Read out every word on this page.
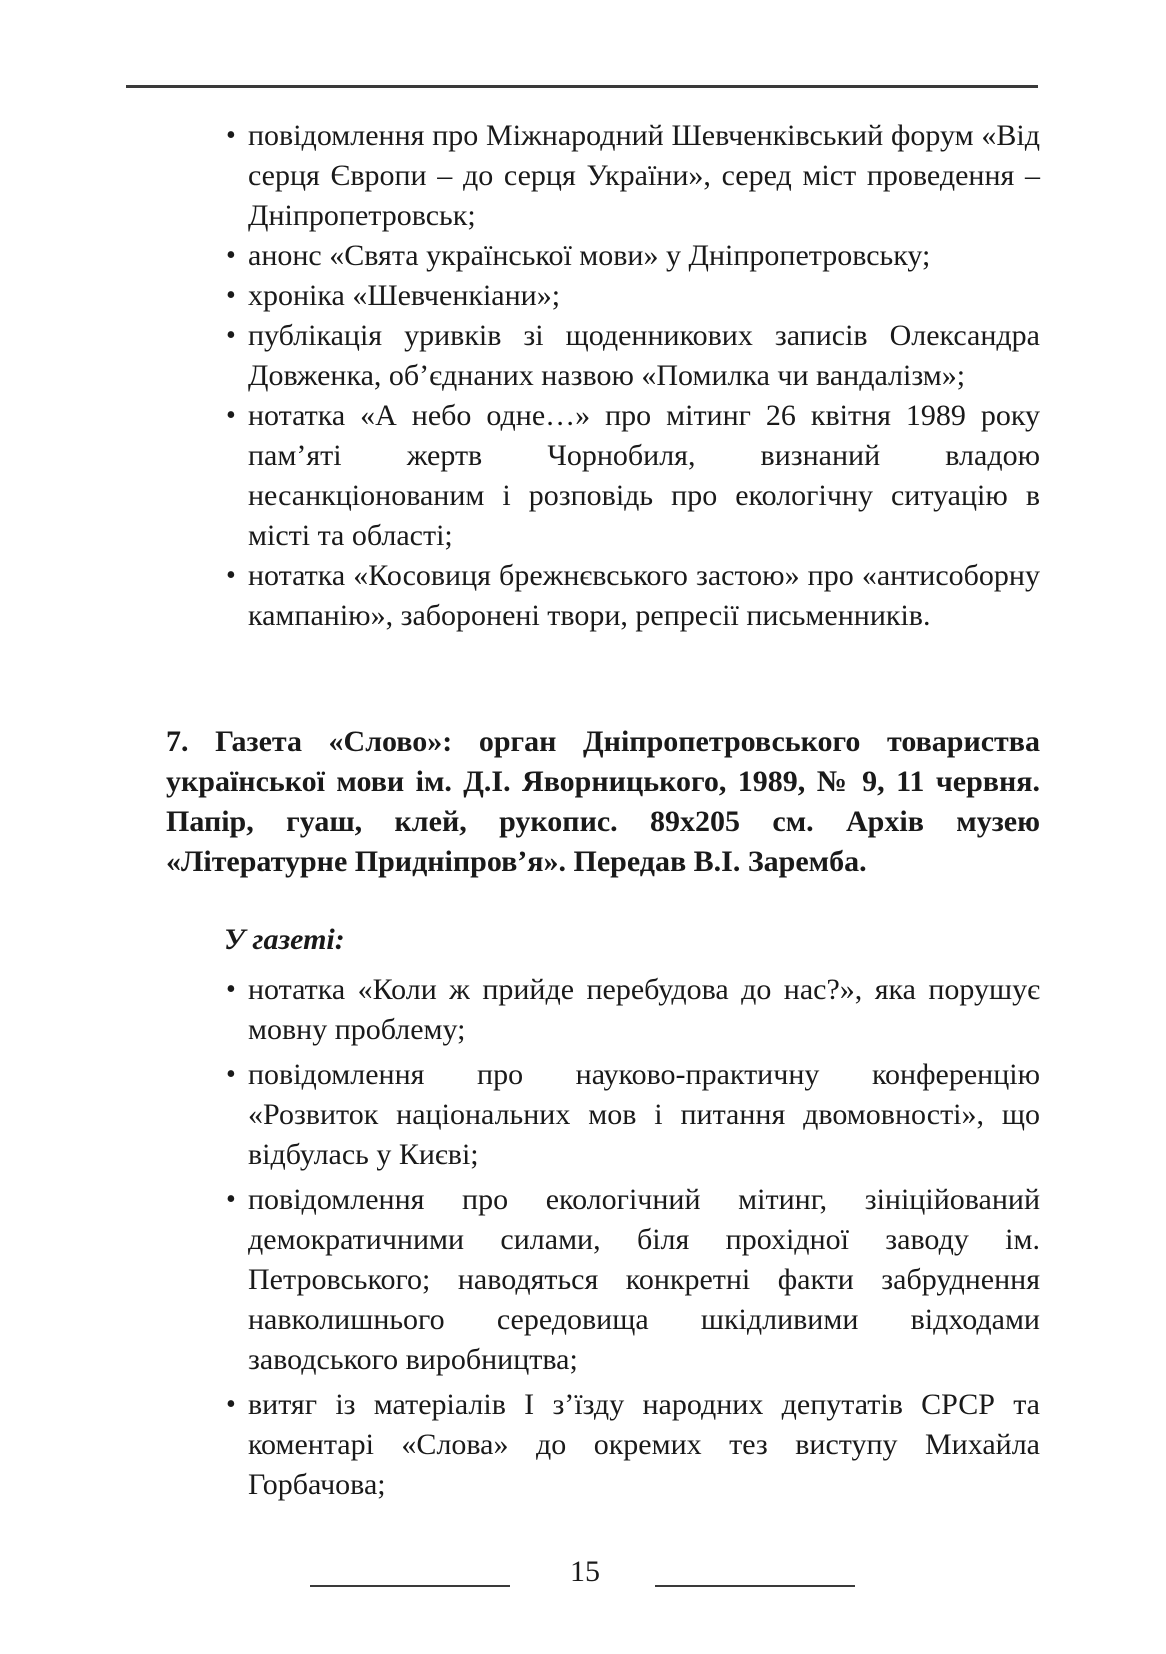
• повідомлення про Міжнародний Шевченківський форум «Від серця Європи – до серця України», серед міст проведення – Дніпропетровськ;
• анонс «Свята української мови» у Дніпропетровську;
• хроніка «Шевченкіани»;
• публікація уривків зі щоденникових записів Олександра Довженка, об’єднаних назвою «Помилка чи вандалізм»;
• нотатка «А небо одне…» про мітинг 26 квітня 1989 року пам’яті жертв Чорнобиля, визнаний владою несанкціонованим і розповідь про екологічну ситуацію в місті та області;
• нотатка «Косовиця брежнєвського застою» про «антисоборну кампанію», заборонені твори, репресії письменників.

7. Газета «Слово»: орган Дніпропетровського товариства української мови ім. Д.І. Яворницького, 1989, № 9, 11 червня. Папір, гуаш, клей, рукопис. 89х205 см. Архів музею «Літературне Придніпров’я». Передав В.І. Заремба.

У газеті:

• нотатка «Коли ж прийде перебудова до нас?», яка порушує мовну проблему;
• повідомлення про науково-практичну конференцію «Розвиток національних мов і питання двомовності», що відбулась у Києві;
• повідомлення про екологічний мітинг, зініційований демократичними силами, біля прохідної заводу ім. Петровського; наводяться конкретні факти забруднення навколишнього середовища шкідливими відходами заводського виробництва;
• витяг із матеріалів І з’їзду народних депутатів СРСР та коментарі «Слова» до окремих тез виступу Михайла Горбачова;
15
